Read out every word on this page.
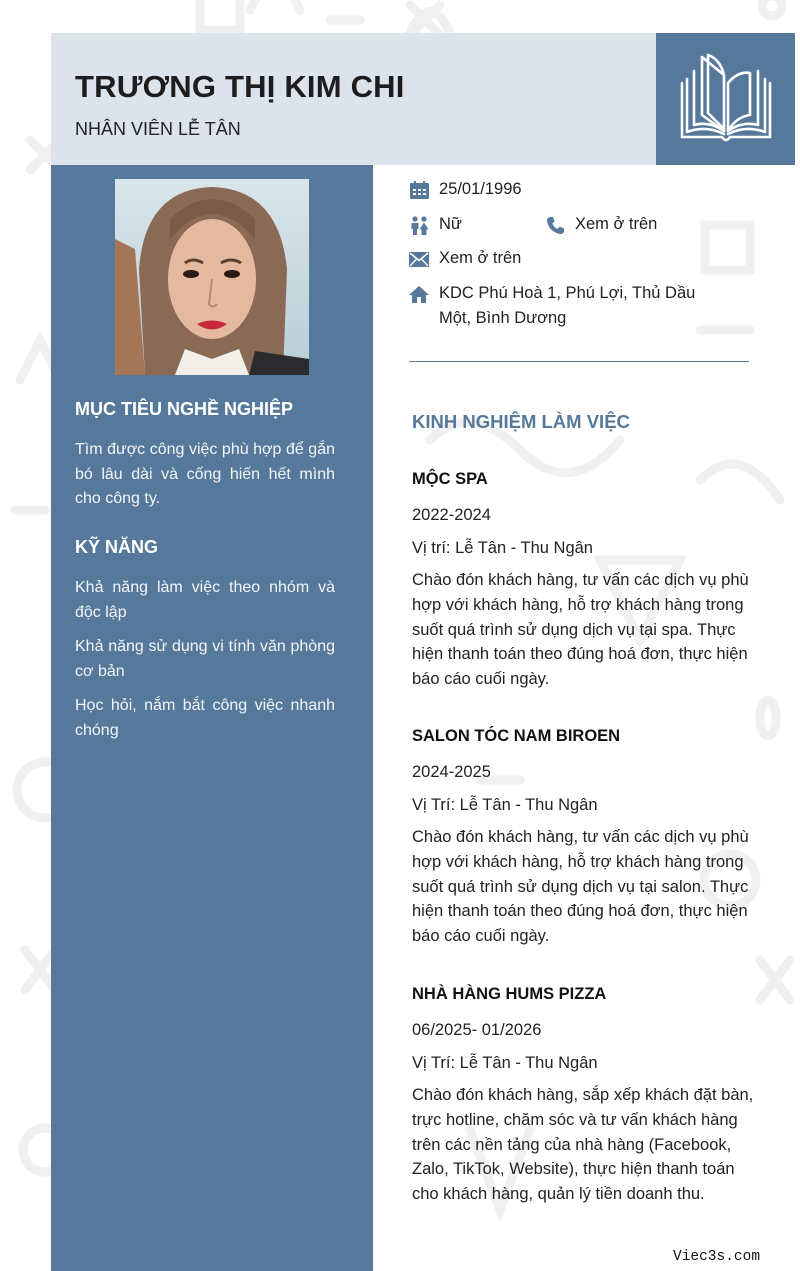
TRƯƠNG THỊ KIM CHI
NHÂN VIÊN LỄ TÂN
MỤC TIÊU NGHỀ NGHIỆP
Tìm được công việc phù hợp để gắn bó lâu dài và cống hiến hết mình cho công ty.
KỸ NĂNG
Khả năng làm việc theo nhóm và độc lập
Khả năng sử dụng vi tính văn phòng cơ bản
Học hỏi, nắm bắt công việc nhanh chóng
25/01/1996
Nữ	Xem ở trên
Xem ở trên
KDC Phú Hoà 1, Phú Lợi, Thủ Dầu Một, Bình Dương
KINH NGHIỆM LÀM VIỆC
MỘC SPA
2022-2024
Vị trí: Lễ Tân - Thu Ngân
Chào đón khách hàng, tư vấn các dịch vụ phù hợp với khách hàng, hỗ trợ khách hàng trong suốt quá trình sử dụng dịch vụ tại spa. Thực hiện thanh toán theo đúng hoá đơn, thực hiện báo cáo cuối ngày.
SALON TÓC NAM BIROEN
2024-2025
Vị Trí: Lễ Tân - Thu Ngân
Chào đón khách hàng, tư vấn các dịch vụ phù hợp với khách hàng, hỗ trợ khách hàng trong suốt quá trình sử dụng dịch vụ tại salon. Thực hiện thanh toán theo đúng hoá đơn, thực hiện báo cáo cuối ngày.
NHÀ HÀNG HUMS PIZZA
06/2025- 01/2026
Vị Trí: Lễ Tân - Thu Ngân
Chào đón khách hàng, sắp xếp khách đặt bàn, trực hotline, chăm sóc và tư vấn khách hàng trên các nền tảng của nhà hàng (Facebook, Zalo, TikTok, Website), thực hiện thanh toán cho khách hàng, quản lý tiền doanh thu.
Viec3s.com
